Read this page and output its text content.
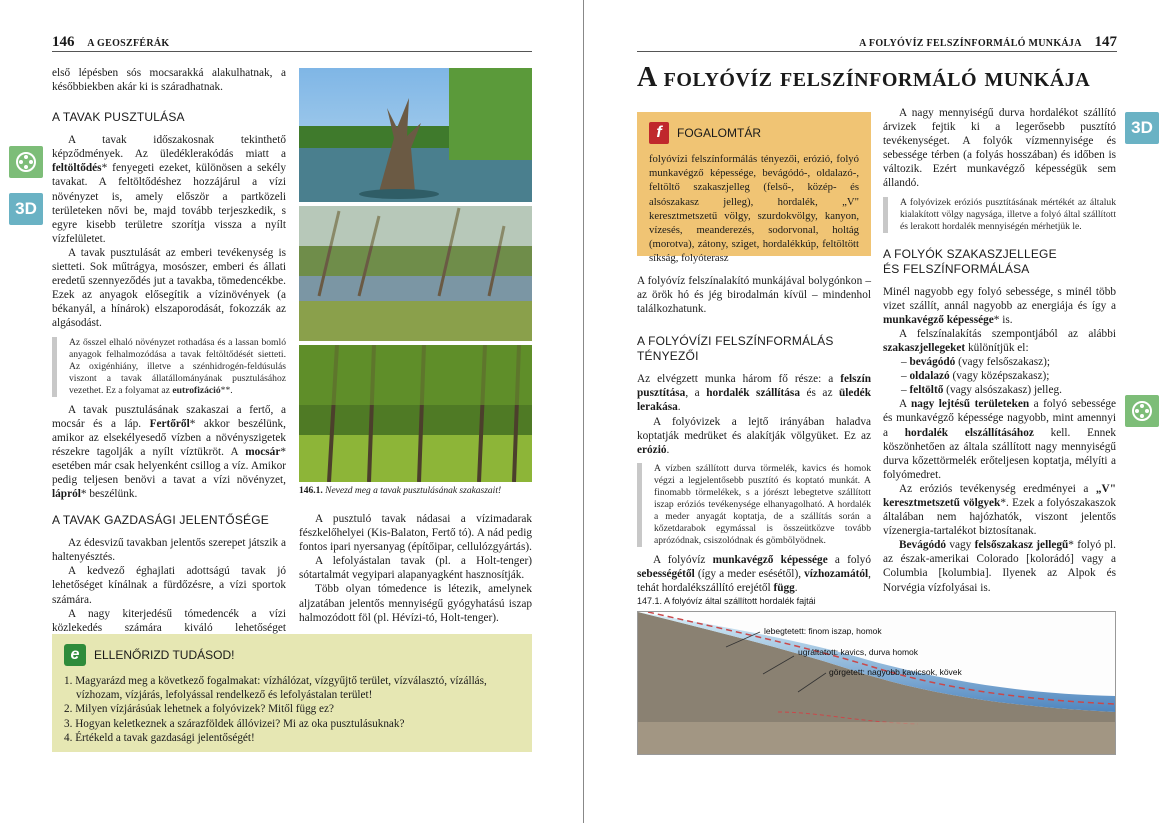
146 A GEOSZFÉRÁK
3D

első lépésben sós mocsarakká alakulhatnak, a későbbiekben akár ki is száradhatnak.

A TAVAK PUSZTULÁSA

A tavak időszakosnak tekinthető képződmények. Az üledéklerakódás miatt a feltöltődés* fenyegeti ezeket, különösen a sekély tavakat. A feltöltődéshez hozzájárul a vízi növényzet is, amely először a partközeli területeken nővi be, majd tovább terjeszkedik, s egyre kisebb területre szorítja vissza a nyílt vízfelületet.

A tavak pusztulását az emberi tevékenység is sietteti. Sok műtrágya, mosószer, emberi és állati eredetű szennyeződés jut a tavakba, tömedencékbe. Ezek az anyagok elősegítik a vízinövények (a békanyál, a hínárok) elszaporodását, fokozzák az algásodást.

Az ősszel elhaló növényzet rothadása és a lassan bomló anyagok felhalmozódása a tavak feltöltődését sietteti. Az oxigénhiány, illetve a szénhidrogén-feldúsulás viszont a tavak állatállományának pusztulásához vezethet. Ez a folyamat az eutrofizáció**.

A tavak pusztulásának szakaszai a fertő, a mocsár és a láp. Fertőről* akkor beszélünk, amikor az elsekélyesedő vízben a növényszigetek részekre tagolják a nyílt víztükröt. A mocsár* esetében már csak helyenként csillog a víz. Amikor pedig teljesen benövi a tavat a vízi növényzet, lápról* beszélünk.

A TAVAK GAZDASÁGI JELENTŐSÉGE

Az édesvizű tavakban jelentős szerepet játszik a haltenyésztés.

A kedvező éghajlati adottságú tavak jó lehetőséget kínálnak a fürdőzésre, a vízi sportok számára.

A nagy kiterjedésű tómedencék a vízi közlekedés számára kiváló lehetőséget

146.1. Nevezd meg a tavak pusztulásának szakaszait!

A pusztuló tavak nádasai a vízimadarak fészkelőhelyei (Kis-Balaton, Fertő tó). A nád pedig fontos ipari nyersanyag (építőipar, cellulózgyártás).

A lefolyástalan tavak (pl. a Holt-tenger) sótartalmát vegyipari alapanyagként hasznosítják.

Több olyan tómedence is létezik, amelynek aljzatában jelentős mennyiségű gyógyhatású iszap halmozódott föl (pl. Hévízi-tó, Holt-tenger).

e	ELLENŐRIZD TUDÁSOD!
1. Magyarázd meg a következő fogalmakat: vízhálózat, vízgyűjtő terület, vízválasztó, vízállás, vízhozam, vízjárás, lefolyással rendelkező és lefolyástalan terület!
2. Milyen vízjárásúak lehetnek a folyóvizek? Mitől függ ez?
3. Hogyan keletkeznek a szárazföldek állóvizei? Mi az oka pusztulásuknak?
4. Értékeld a tavak gazdasági jelentőségét!
A FOLYÓVÍZ FELSZÍNFORMÁLÓ MUNKÁJA 147
A folyóvíz felszínformáló munkája
3D
f	FOGALOMTÁR
folyóvízi felszínformálás tényezői, erózió, folyó munkavégző képessége, bevágódó-, oldalazó-, feltöltő szakaszjelleg (felső-, közép- és alsószakasz jelleg), hordalék, „V" keresztmetszetű völgy, szurdokvölgy, kanyon, vízesés, meanderezés, sodorvonal, holtág (morotva), zátony, sziget, hordalékkúp, feltöltött síkság, folyóterasz

A folyóvíz felszínalakító munkájával bolygónkon – az örök hó és jég birodalmán kívül – mindenhol találkozhatunk.

A FOLYÓVÍZI FELSZÍNFORMÁLÁS
TÉNYEZŐI

Az elvégzett munka három fő része: a felszín pusztítása, a hordalék szállítása és az üledék lerakása.

A folyóvizek a lejtő irányában haladva koptatják medrüket és alakítják völgyüket. Ez az erózió.

A vízben szállított durva törmelék, kavics és homok végzi a legjelentősebb pusztító és koptató munkát. A finomabb törmelékek, s a jórészt lebegtetve szállított iszap eróziós tevékenysége elhanyagolható. A hordalék a meder anyagát koptatja, de a szállítás során a kőzetdarabok egymással is összeütközve tovább aprózódnak, csiszolódnak és gömbölyödnek.

A folyóvíz munkavégző képessége a folyó sebességétől (így a meder esésétől), vízhozamától, tehát hordalékszállító erejétől függ.

A nagy mennyiségű durva hordalékot szállító árvizek fejtik ki a legerősebb pusztító tevékenységet. A folyók vízmennyisége és sebessége térben (a folyás hosszában) és időben is változik. Ezért munkavégző képességük sem állandó.

A folyóvizek eróziós pusztításának mértékét az általuk kialakított völgy nagysága, illetve a folyó által szállított és lerakott hordalék mennyiségén mérhetjük le.
A FOLYÓK SZAKASZJELLEGE
ÉS FELSZÍNFORMÁLÁSA

Minél nagyobb egy folyó sebessége, s minél több vizet szállít, annál nagyobb az energiája és így a munkavégző képessége* is.

A felszínalakítás szempontjából az alábbi szakaszjellegeket különítjük el:

– bevágódó (vagy felsőszakasz);
– oldalazó (vagy középszakasz);
– feltöltő (vagy alsószakasz) jelleg.

A nagy lejtésű területeken a folyó sebessége és munkavégző képessége nagyobb, mint amennyi a hordalék elszállításához kell. Ennek köszönhetően az általa szállított nagy mennyiségű durva kőzettörmelék erőteljesen koptatja, mélyíti a folyómedret.

Az eróziós tevékenység eredményei a „V" keresztmetszetű völgyek*. Ezek a folyószakaszok általában nem hajózhatók, viszont jelentős vízenergia-tartalékot biztosítanak.

Bevágódó vagy felsőszakasz jellegű* folyó pl. az észak-amerikai Colorado [kolorádó] vagy a Columbia [kolumbia]. Ilyenek az Alpok és Norvégia vízfolyásai is.

147.1. A folyóvíz által szállított hordalék fajtái
lebegtetett: finom iszap, homok
ugráltatott: kavics, durva homok
görgetett: nagyobb kavicsok, kövek
